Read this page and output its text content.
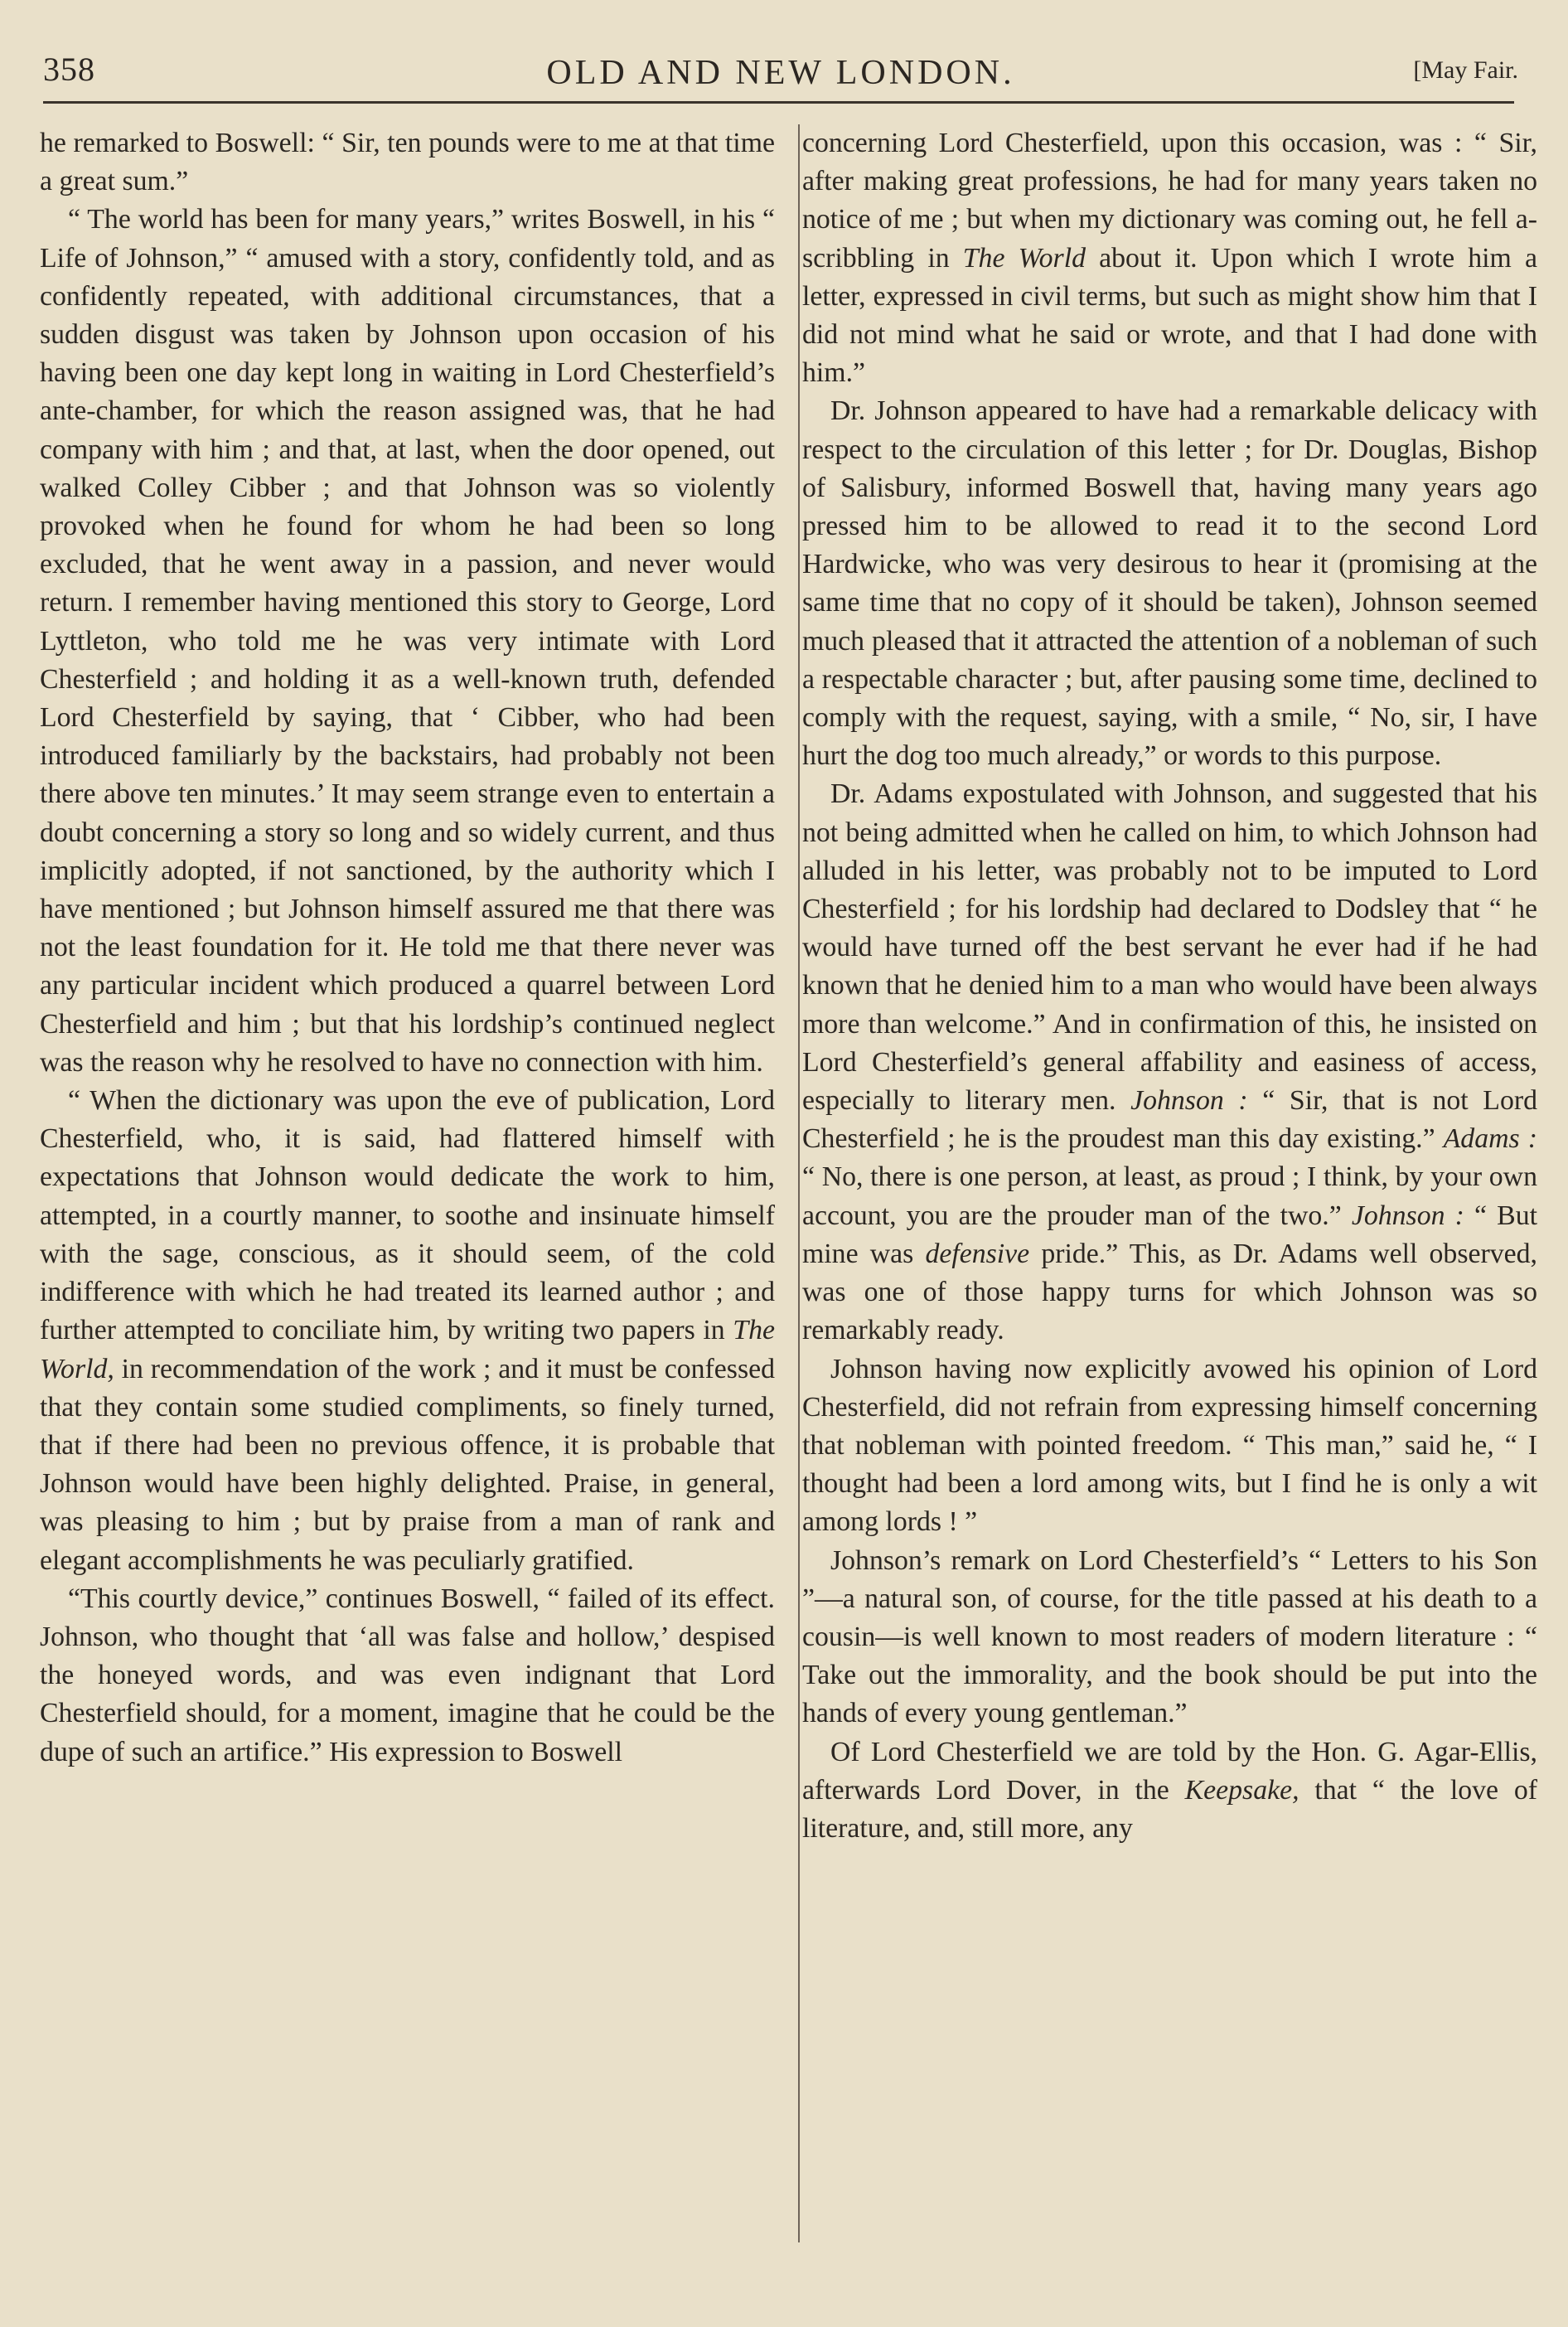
358	OLD AND NEW LONDON.	[May Fair.

he remarked to Boswell: “ Sir, ten pounds were to me at that time a great sum.”

“ The world has been for many years,” writes Boswell, in his “ Life of Johnson,” “ amused with a story, confidently told, and as confidently repeated, with additional circumstances, that a sudden disgust was taken by Johnson upon occasion of his having been one day kept long in waiting in Lord Chesterfield’s ante-chamber, for which the reason assigned was, that he had company with him ; and that, at last, when the door opened, out walked Colley Cibber ; and that Johnson was so violently provoked when he found for whom he had been so long excluded, that he went away in a passion, and never would return. I remember having mentioned this story to George, Lord Lyttleton, who told me he was very intimate with Lord Chesterfield ; and holding it as a well-known truth, defended Lord Chesterfield by saying, that ‘ Cibber, who had been introduced familiarly by the backstairs, had probably not been there above ten minutes.’ It may seem strange even to entertain a doubt concerning a story so long and so widely current, and thus implicitly adopted, if not sanctioned, by the authority which I have mentioned ; but Johnson himself assured me that there was not the least foundation for it. He told me that there never was any particular incident which produced a quarrel between Lord Chesterfield and him ; but that his lordship’s continued neglect was the reason why he resolved to have no connection with him.

“ When the dictionary was upon the eve of publication, Lord Chesterfield, who, it is said, had flattered himself with expectations that Johnson would dedicate the work to him, attempted, in a courtly manner, to soothe and insinuate himself with the sage, conscious, as it should seem, of the cold indifference with which he had treated its learned author ; and further attempted to conciliate him, by writing two papers in The World, in recommendation of the work ; and it must be confessed that they contain some studied compliments, so finely turned, that if there had been no previous offence, it is probable that Johnson would have been highly delighted. Praise, in general, was pleasing to him ; but by praise from a man of rank and elegant accomplishments he was peculiarly gratified.

“This courtly device,” continues Boswell, “ failed of its effect. Johnson, who thought that ‘all was false and hollow,’ despised the honeyed words, and was even indignant that Lord Chesterfield should, for a moment, imagine that he could be the dupe of such an artifice.” His expression to Boswell

concerning Lord Chesterfield, upon this occasion, was : “ Sir, after making great professions, he had for many years taken no notice of me ; but when my dictionary was coming out, he fell a-scribbling in The World about it. Upon which I wrote him a letter, expressed in civil terms, but such as might show him that I did not mind what he said or wrote, and that I had done with him.”

Dr. Johnson appeared to have had a remarkable delicacy with respect to the circulation of this letter ; for Dr. Douglas, Bishop of Salisbury, informed Boswell that, having many years ago pressed him to be allowed to read it to the second Lord Hardwicke, who was very desirous to hear it (promising at the same time that no copy of it should be taken), Johnson seemed much pleased that it attracted the attention of a nobleman of such a respectable character ; but, after pausing some time, declined to comply with the request, saying, with a smile, “ No, sir, I have hurt the dog too much already,” or words to this purpose.

Dr. Adams expostulated with Johnson, and suggested that his not being admitted when he called on him, to which Johnson had alluded in his letter, was probably not to be imputed to Lord Chesterfield ; for his lordship had declared to Dodsley that “ he would have turned off the best servant he ever had if he had known that he denied him to a man who would have been always more than welcome.” And in confirmation of this, he insisted on Lord Chesterfield’s general affability and easiness of access, especially to literary men. Johnson : “ Sir, that is not Lord Chesterfield ; he is the proudest man this day existing.” Adams : “ No, there is one person, at least, as proud ; I think, by your own account, you are the prouder man of the two.” Johnson : “ But mine was defensive pride.” This, as Dr. Adams well observed, was one of those happy turns for which Johnson was so remarkably ready.

Johnson having now explicitly avowed his opinion of Lord Chesterfield, did not refrain from expressing himself concerning that nobleman with pointed freedom. “ This man,” said he, “ I thought had been a lord among wits, but I find he is only a wit among lords ! ”

Johnson’s remark on Lord Chesterfield’s “ Letters to his Son ”—a natural son, of course, for the title passed at his death to a cousin—is well known to most readers of modern literature : “ Take out the immorality, and the book should be put into the hands of every young gentleman.”

Of Lord Chesterfield we are told by the Hon. G. Agar-Ellis, afterwards Lord Dover, in the Keepsake, that “ the love of literature, and, still more, any
